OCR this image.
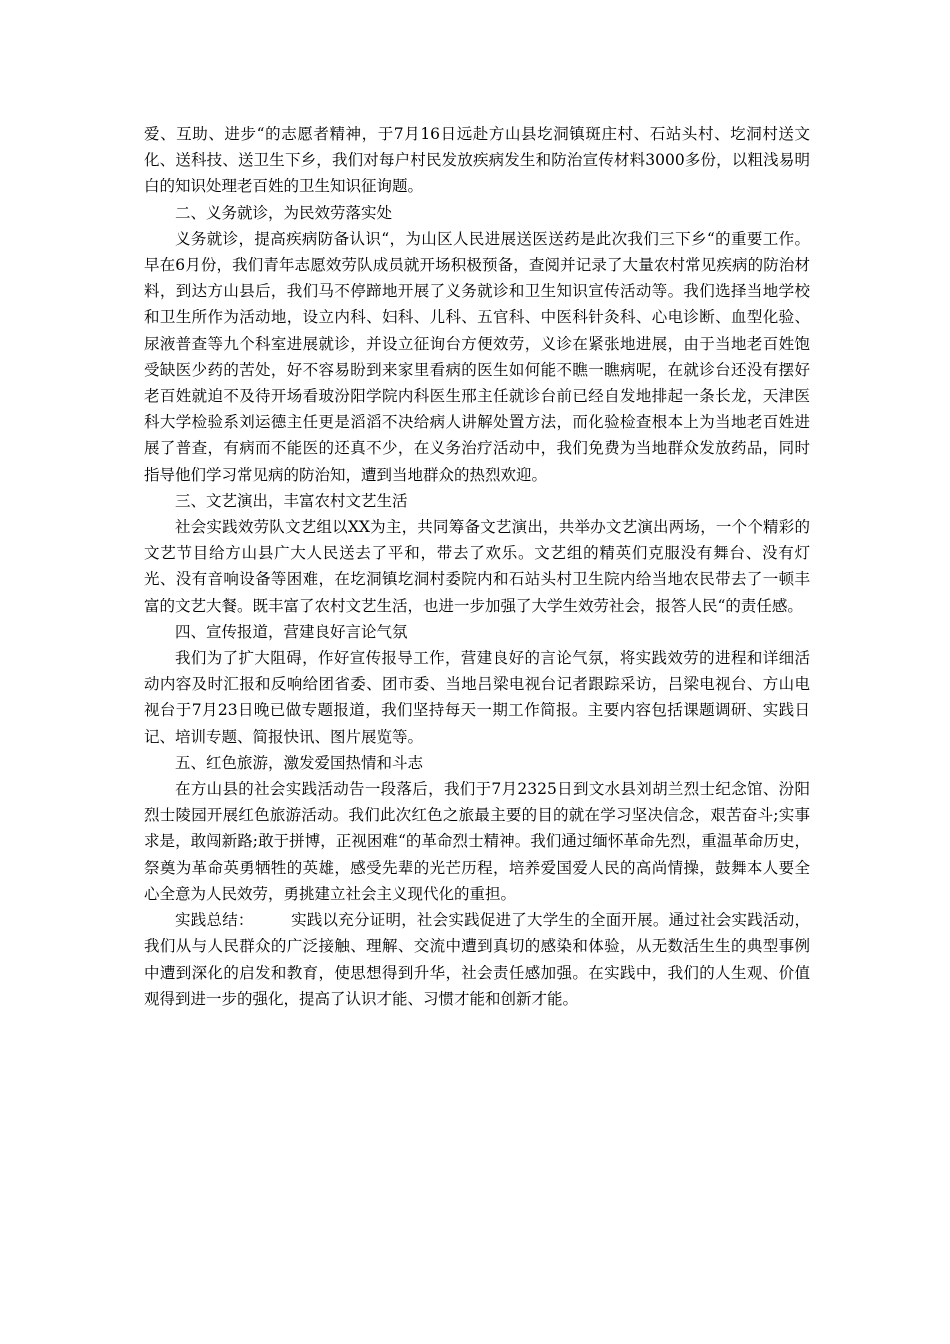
爱、互助、进步“的志愿者精神，于7月16日远赴方山县圪洞镇斑庄村、石站头村、圪洞村送文化、送科技、送卫生下乡，我们对每户村民发放疾病发生和防治宣传材料3000多份，以粗浅易明白的知识处理老百姓的卫生知识征询题。

二、义务就诊，为民效劳落实处

义务就诊，提高疾病防备认识“，为山区人民进展送医送药是此次我们三下乡“的重要工作。早在6月份，我们青年志愿效劳队成员就开场积极预备，查阅并记录了大量农村常见疾病的防治材料，到达方山县后，我们马不停蹄地开展了义务就诊和卫生知识宣传活动等。我们选择当地学校和卫生所作为活动地，设立内科、妇科、儿科、五官科、中医科针灸科、心电诊断、血型化验、尿液普查等九个科室进展就诊，并设立征询台方便效劳，义诊在紧张地进展，由于当地老百姓饱受缺医少药的苦处，好不容易盼到来家里看病的医生如何能不瞧一瞧病呢，在就诊台还没有摆好老百姓就迫不及待开场看玻汾阳学院内科医生邢主任就诊台前已经自发地排起一条长龙，天津医科大学检验系刘运德主任更是滔滔不决给病人讲解处置方法，而化验检查根本上为当地老百姓进展了普查，有病而不能医的还真不少，在义务治疗活动中，我们免费为当地群众发放药品，同时指导他们学习常见病的防治知，遭到当地群众的热烈欢迎。

三、文艺演出，丰富农村文艺生活

社会实践效劳队文艺组以XX为主，共同筹备文艺演出，共举办文艺演出两场，一个个精彩的文艺节目给方山县广大人民送去了平和，带去了欢乐。文艺组的精英们克服没有舞台、没有灯光、没有音响设备等困难，在圪洞镇圪洞村委院内和石站头村卫生院内给当地农民带去了一顿丰富的文艺大餐。既丰富了农村文艺生活，也进一步加强了大学生效劳社会，报答人民“的责任感。

四、宣传报道，营建良好言论气氛

我们为了扩大阻碍，作好宣传报导工作，营建良好的言论气氛，将实践效劳的进程和详细活动内容及时汇报和反响给团省委、团市委、当地吕梁电视台记者跟踪采访，吕梁电视台、方山电视台于7月23日晚已做专题报道，我们坚持每天一期工作简报。主要内容包括课题调研、实践日记、培训专题、简报快讯、图片展览等。

五、红色旅游，激发爱国热情和斗志

在方山县的社会实践活动告一段落后，我们于7月2325日到文水县刘胡兰烈士纪念馆、汾阳烈士陵园开展红色旅游活动。我们此次红色之旅最主要的目的就在学习坚决信念，艰苦奋斗;实事求是，敢闯新路;敢于拼博，正视困难“的革命烈士精神。我们通过缅怀革命先烈，重温革命历史，祭奠为革命英勇牺牲的英雄，感受先辈的光芒历程，培养爱国爱人民的高尚情操，鼓舞本人要全心全意为人民效劳，勇挑建立社会主义现代化的重担。

实践总结： 实践以充分证明，社会实践促进了大学生的全面开展。通过社会实践活动，我们从与人民群众的广泛接触、理解、交流中遭到真切的感染和体验，从无数活生生的典型事例中遭到深化的启发和教育，使思想得到升华，社会责任感加强。在实践中，我们的人生观、价值观得到进一步的强化，提高了认识才能、习惯才能和创新才能。
